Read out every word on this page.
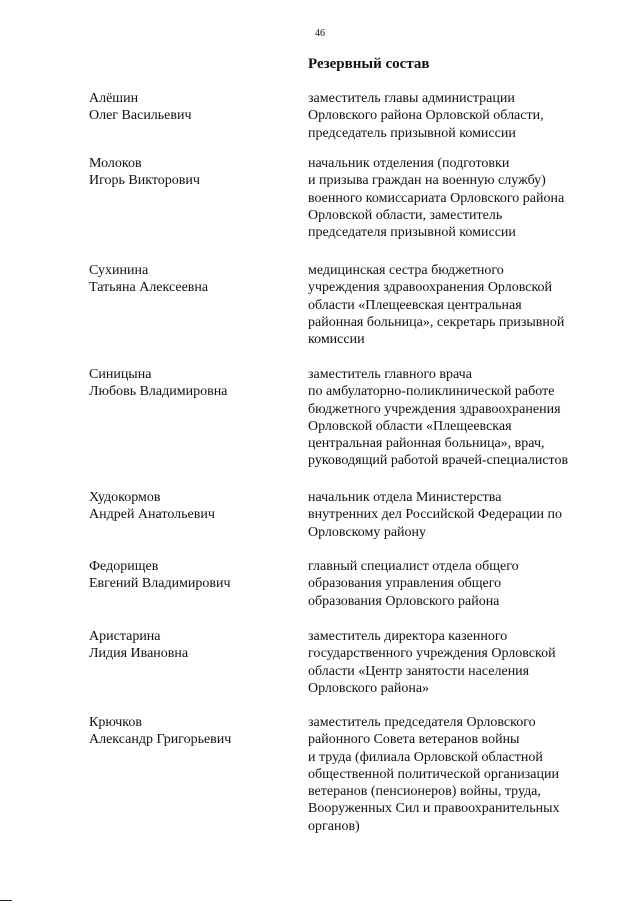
46
Резервный состав
Алёшин
Олег Васильевич
заместитель главы администрации
Орловского района Орловской области,
председатель призывной комиссии
Молоков
Игорь Викторович
начальник отделения (подготовки
и призыва граждан на военную службу)
военного комиссариата Орловского района
Орловской области, заместитель
председателя призывной комиссии
Сухинина
Татьяна Алексеевна
медицинская сестра бюджетного
учреждения здравоохранения Орловской
области «Плещеевская центральная
районная больница», секретарь призывной
комиссии
Синицына
Любовь Владимировна
заместитель главного врача
по амбулаторно-поликлинической работе
бюджетного учреждения здравоохранения
Орловской области «Плещеевская
центральная районная больница», врач,
руководящий работой врачей-специалистов
Худокормов
Андрей Анатольевич
начальник отдела Министерства
внутренних дел Российской Федерации по
Орловскому району
Федорищев
Евгений Владимирович
главный специалист отдела общего
образования управления общего
образования Орловского района
Аристарина
Лидия Ивановна
заместитель директора казенного
государственного учреждения Орловской
области «Центр занятости населения
Орловского района»
Крючков
Александр Григорьевич
заместитель председателя Орловского
районного Совета ветеранов войны
и труда (филиала Орловской областной
общественной политической организации
ветеранов (пенсионеров) войны, труда,
Вооруженных Сил и правоохранительных
органов)
